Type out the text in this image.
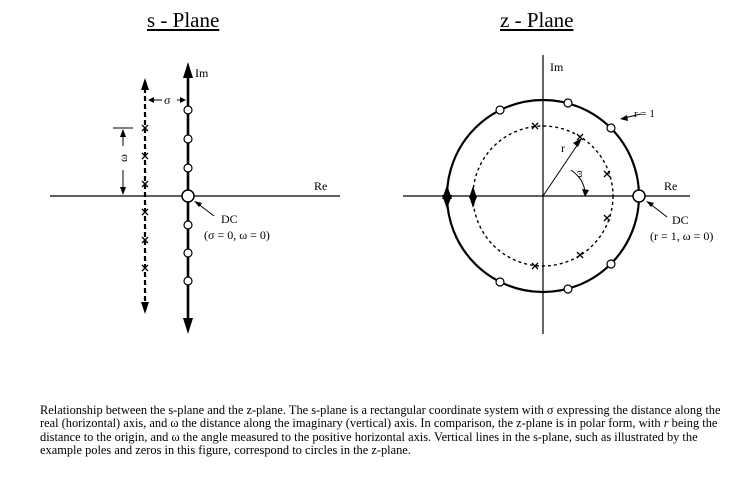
s - Plane	z - Plane
Im
Re
σ
ω
DC
(σ = 0, ω = 0)
Im
Re
r = 1
r
ω
DC
(r = 1, ω = 0)
Relationship between the s-plane and the z-plane. The s-plane is a rectangular coordinate system with σ expressing the distance along the real (horizontal) axis, and ω the distance along the imaginary (vertical) axis. In comparison, the z-plane is in polar form, with r being the distance to the origin, and ω the angle measured to the positive horizontal axis. Vertical lines in the s-plane, such as illustrated by the example poles and zeros in this figure, correspond to circles in the z-plane.
